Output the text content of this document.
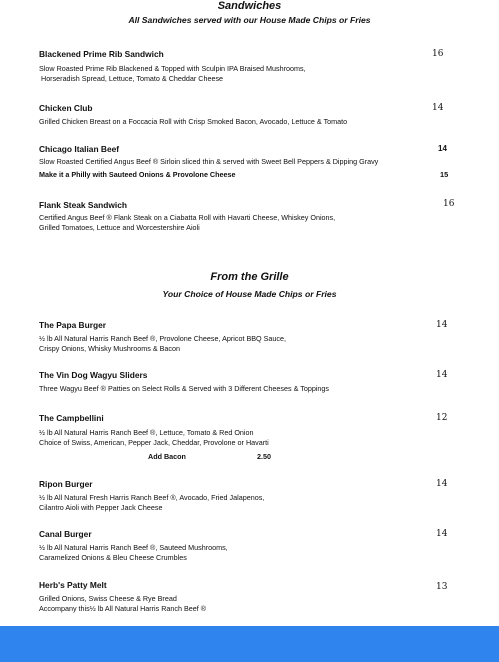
Sandwiches
All Sandwiches served with our House Made Chips or Fries
Blackened Prime Rib Sandwich	16
Slow Roasted Prime Rib Blackened & Topped with Sculpin IPA Braised Mushrooms,
Horseradish Spread, Lettuce, Tomato & Cheddar Cheese
Chicken Club	14
Grilled Chicken Breast on a Foccacia Roll with Crisp Smoked Bacon, Avocado, Lettuce & Tomato
Chicago Italian Beef	14
Slow Roasted Certified Angus Beef ® Sirloin sliced thin & served with Sweet Bell Peppers & Dipping Gravy
Make it a Philly with Sauteed Onions & Provolone Cheese	15
Flank Steak Sandwich	16
Certified Angus Beef ® Flank Steak on a Ciabatta Roll with Havarti Cheese, Whiskey Onions,
Grilled Tomatoes, Lettuce and Worcestershire Aioli
From the Grille
Your Choice of House Made Chips or Fries
The Papa Burger	14
½ lb All Natural Harris Ranch Beef ®, Provolone Cheese, Apricot BBQ Sauce,
Crispy Onions, Whisky Mushrooms & Bacon
The Vin Dog Wagyu Sliders	14
Three Wagyu Beef ® Patties on Select Rolls & Served with 3 Different Cheeses & Toppings
The Campbellini	12
½ lb All Natural Harris Ranch Beef ®, Lettuce, Tomato & Red Onion
Choice of Swiss, American, Pepper Jack, Cheddar, Provolone or Havarti
Add Bacon	2.50
Ripon Burger	14
½ lb All Natural Fresh Harris Ranch Beef ®, Avocado, Fried Jalapenos,
Cilantro Aioli with Pepper Jack Cheese
Canal Burger	14
½ lb All Natural Harris Ranch Beef ®, Sauteed Mushrooms,
Caramelized Onions & Bleu Cheese Crumbles
Herb's Patty Melt	13
Grilled Onions, Swiss Cheese & Rye Bread
Accompany this½ lb All Natural Harris Ranch Beef ®
